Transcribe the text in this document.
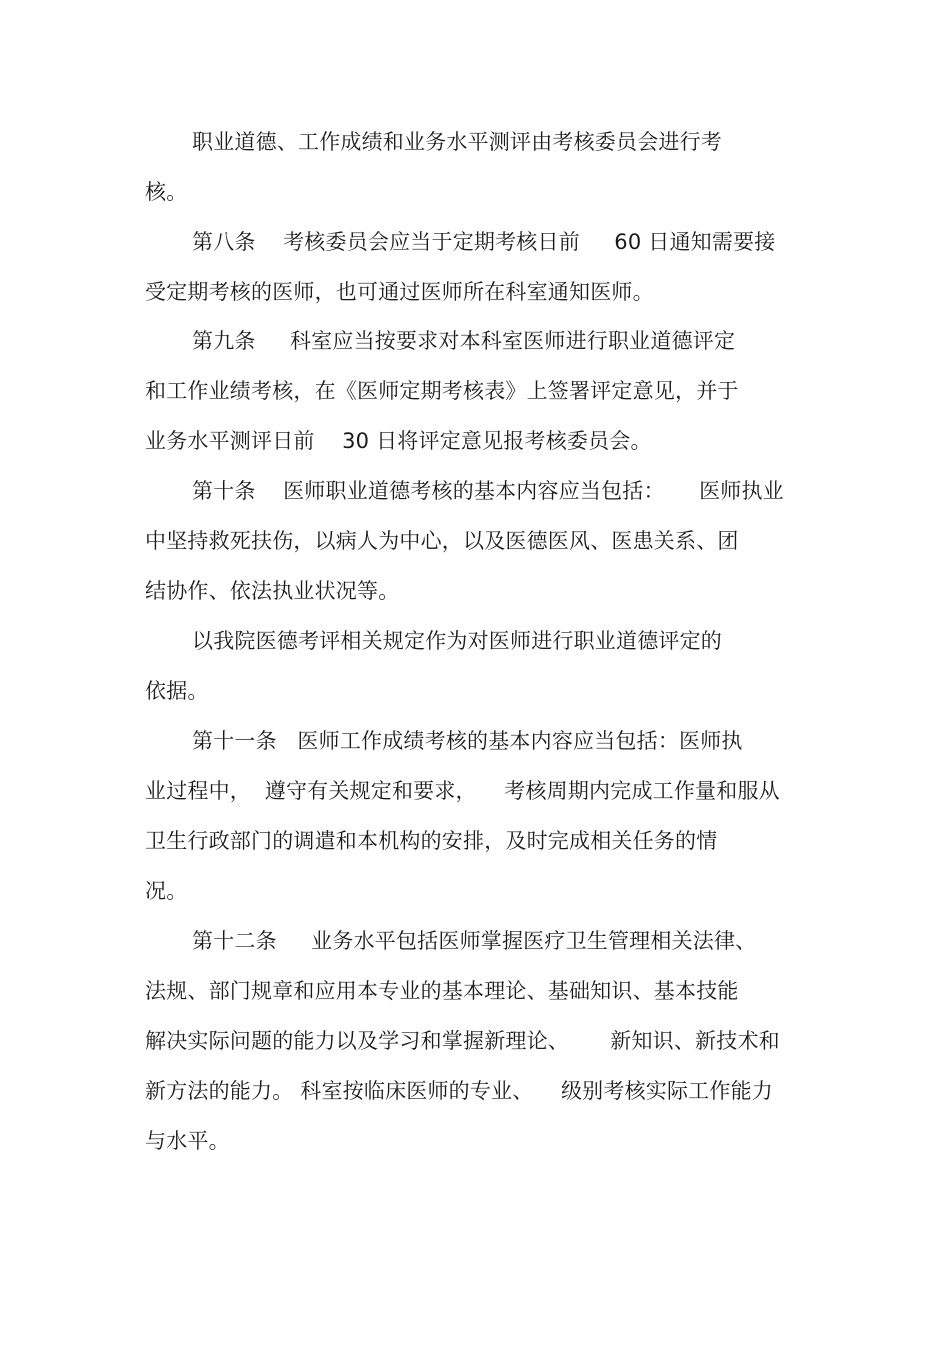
职业道德、工作成绩和业务水平测评由考核委员会进行考
核。
第八条    考核委员会应当于定期考核日前     60 日通知需要接
受定期考核的医师，也可通过医师所在科室通知医师。
第九条     科室应当按要求对本科室医师进行职业道德评定
和工作业绩考核，在《医师定期考核表》上签署评定意见，并于
业务水平测评日前    30 日将评定意见报考核委员会。
第十条    医师职业道德考核的基本内容应当包括：     医师执业
中坚持救死扶伤，以病人为中心，以及医德医风、医患关系、团
结协作、依法执业状况等。
以我院医德考评相关规定作为对医师进行职业道德评定的
依据。
第十一条   医师工作成绩考核的基本内容应当包括：医师执
业过程中，  遵守有关规定和要求，    考核周期内完成工作量和服从
卫生行政部门的调遣和本机构的安排，及时完成相关任务的情
况。
第十二条     业务水平包括医师掌握医疗卫生管理相关法律、
法规、部门规章和应用本专业的基本理论、基础知识、基本技能
解决实际问题的能力以及学习和掌握新理论、      新知识、新技术和
新方法的能力。 科室按临床医师的专业、    级别考核实际工作能力
与水平。
